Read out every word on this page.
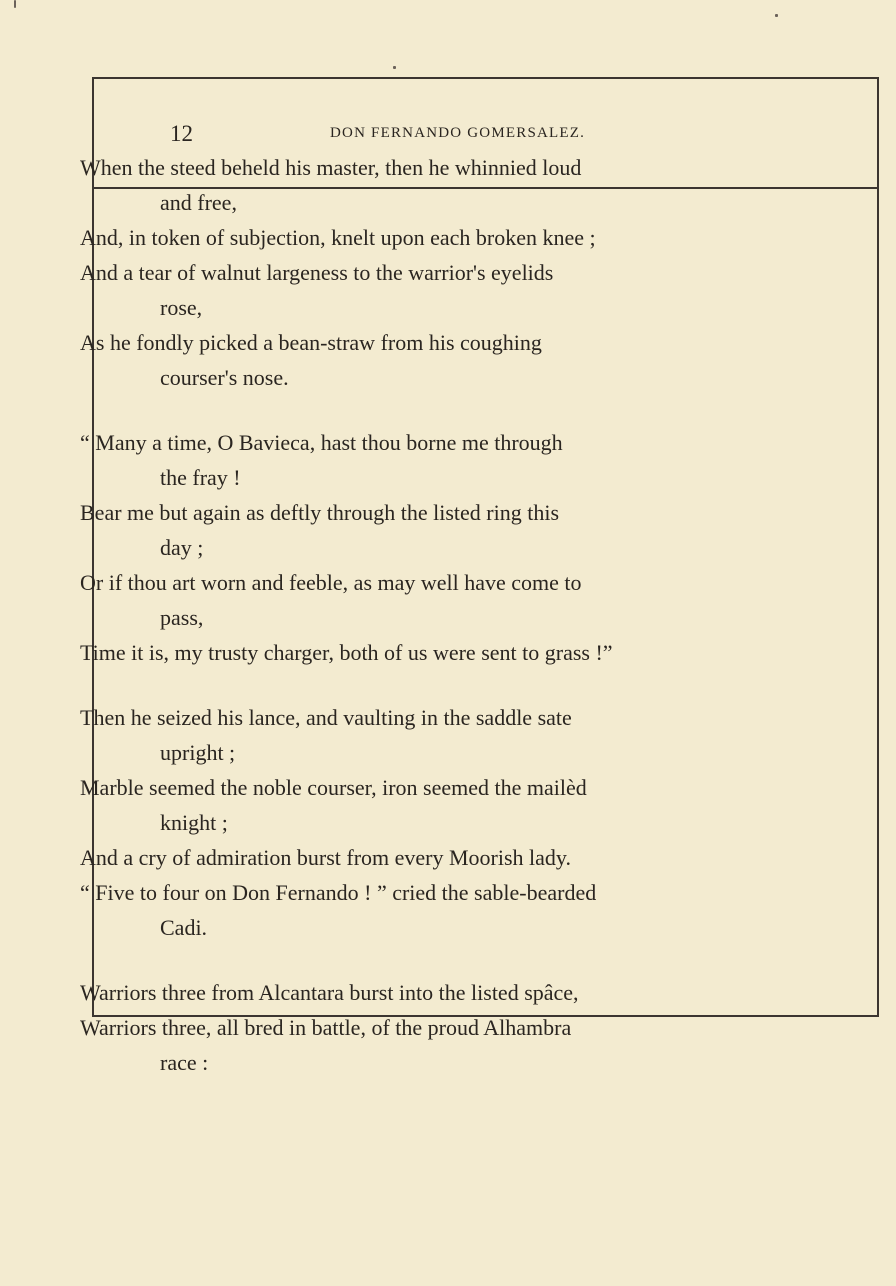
12	DON FERNANDO GOMERSALEZ.
When the steed beheld his master, then he whinnied loud
and free,
And, in token of subjection, knelt upon each broken knee ;
And a tear of walnut largeness to the warrior's eyelids
rose,
As he fondly picked a bean-straw from his coughing
courser's nose.
“ Many a time, O Bavieca, hast thou borne me through
the fray !
Bear me but again as deftly through the listed ring this
day ;
Or if thou art worn and feeble, as may well have come to
pass,
Time it is, my trusty charger, both of us were sent to grass !”
Then he seized his lance, and vaulting in the saddle sate
upright ;
Marble seemed the noble courser, iron seemed the mailèd
knight ;
And a cry of admiration burst from every Moorish lady.
“ Five to four on Don Fernando ! ” cried the sable-bearded
Cadi.
Warriors three from Alcantara burst into the listed spâce,
Warriors three, all bred in battle, of the proud Alhambra
race :
